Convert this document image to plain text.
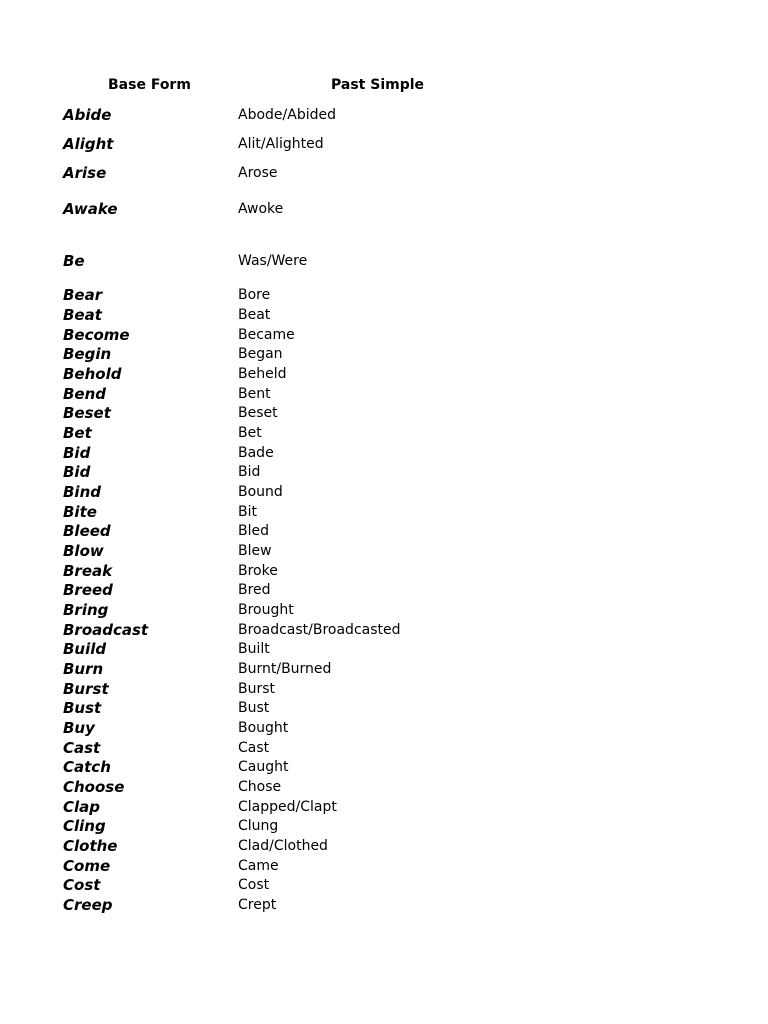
Base Form	Past Simple
Abide	Abode/Abided
Alight	Alit/Alighted
Arise	Arose
Awake	Awoke
Be	Was/Were
Bear	Bore
Beat	Beat
Become	Became
Begin	Began
Behold	Beheld
Bend	Bent
Beset	Beset
Bet	Bet
Bid	Bade
Bid	Bid
Bind	Bound
Bite	Bit
Bleed	Bled
Blow	Blew
Break	Broke
Breed	Bred
Bring	Brought
Broadcast	Broadcast/Broadcasted
Build	Built
Burn	Burnt/Burned
Burst	Burst
Bust	Bust
Buy	Bought
Cast	Cast
Catch	Caught
Choose	Chose
Clap	Clapped/Clapt
Cling	Clung
Clothe	Clad/Clothed
Come	Came
Cost	Cost
Creep	Crept
